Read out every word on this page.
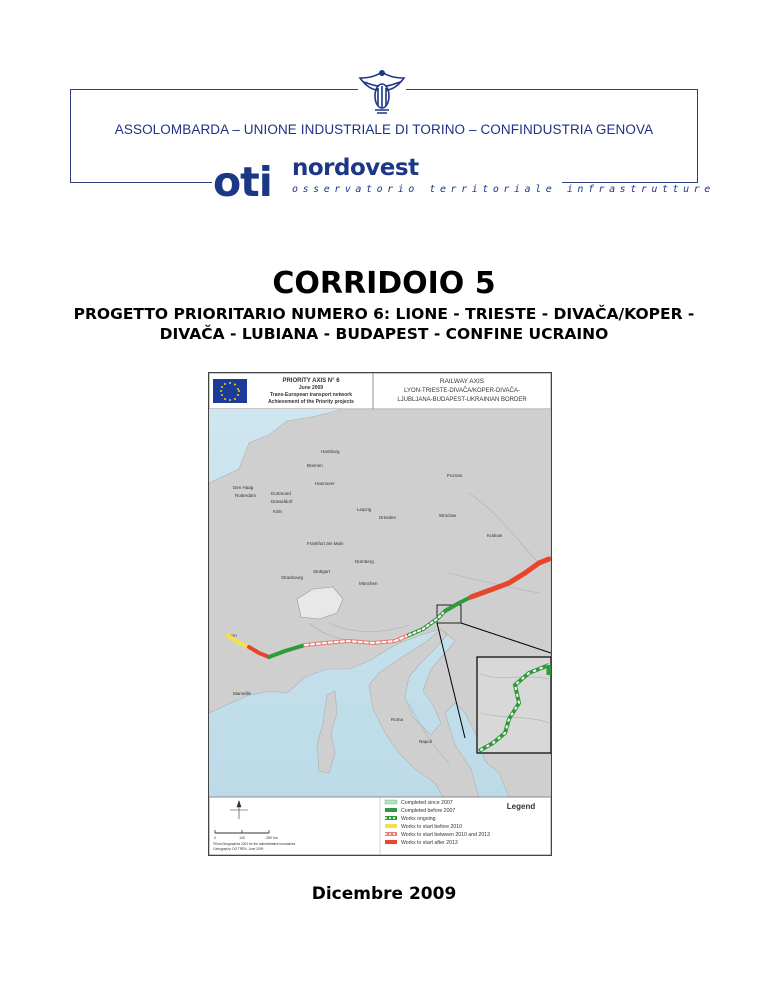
ASSOLOMBARDA – UNIONE INDUSTRIALE DI TORINO – CONFINDUSTRIA GENOVA
oti nordovest
osservatorio territoriale infrastrutture
CORRIDOIO 5
PROGETTO PRIORITARIO NUMERO 6: LIONE - TRIESTE - DIVAČA/KOPER - DIVAČA - LUBIANA - BUDAPEST - CONFINE UCRAINO
PRIORITY AXIS N° 6
June 2009
Trans-European transport network
Achievement of the Priority projects
RAILWAY AXIS
LYON-TRIESTE-DIVAČA/KOPER-DIVAČA-
LJUBLJANA-BUDAPEST-UKRAINIAN BORDER
Hamburg
Bremen
Hannover
Poznan
Den Haag
Rotterdam	Dortmund
Düsseldorf
Köln	Leipzig
Dresden	Wroclaw
Frankfurt am Main
Nürnberg
Stuttgart
Strasbourg
München
Krakow
Lyon
Marseille
Roma
Napoli
0	140	280 km
©EuroGeographics 2001 for the administrative boundaries
Cartography: DG TREN, June 2009
Legend
Completed since 2007
Completed before 2007
Works ongoing
Works to start before 2010
Works to start between 2010 and 2013
Works to start after 2013
Dicembre 2009
